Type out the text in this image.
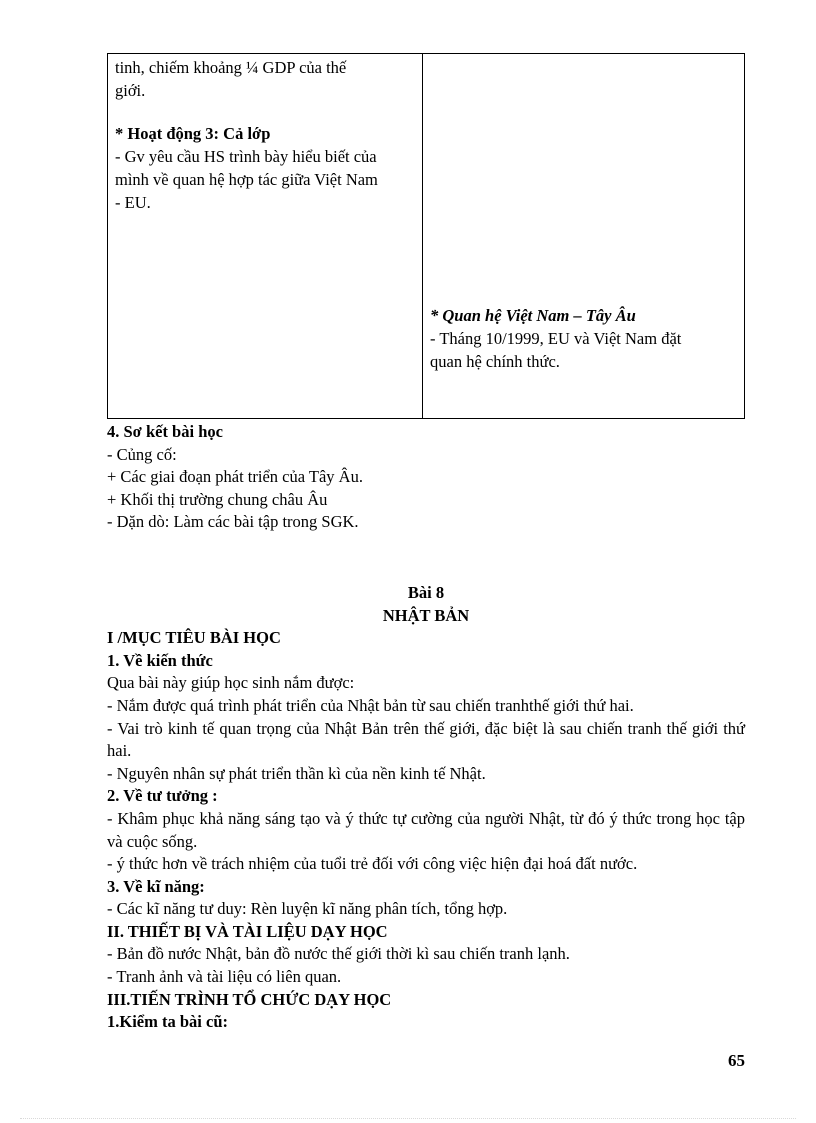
tinh, chiếm khoảng ¼ GDP của thế

giới.

* Hoạt động 3: Cả lớp

- Gv yêu cầu HS trình bày hiểu biết của

mình về quan hệ hợp tác giữa Việt Nam

- EU.

* Quan hệ Việt Nam – Tây Âu

- Tháng 10/1999, EU và Việt Nam đặt

quan hệ chính thức.

4. Sơ kết bài học

- Củng cố:

+ Các giai đoạn phát triển của Tây Âu.

+ Khối thị trường chung châu Âu

- Dặn dò: Làm các bài tập trong SGK.

Bài 8

NHẬT BẢN

I /MỤC TIÊU BÀI HỌC

1. Về kiến thức

Qua bài này giúp học sinh nắm được:

- Nắm được quá trình phát triển của Nhật bản từ sau chiến tranhthế giới thứ hai.

- Vai trò kinh tế quan trọng của Nhật Bản trên thế giới, đặc biệt là sau chiến tranh thế giới thứ hai.

- Nguyên nhân sự phát triển thần kì của nền kinh tế Nhật.

2. Về tư tưởng :

- Khâm phục khả năng sáng tạo và ý thức tự cường của người Nhật, từ đó ý thức trong học tập và cuộc sống.

- ý thức hơn về trách nhiệm của tuổi trẻ đối với công việc hiện đại hoá đất nước.

3. Về kĩ năng:

- Các kĩ năng tư duy: Rèn luyện kĩ năng phân tích, tổng hợp.

II. THIẾT BỊ VÀ TÀI LIỆU DẠY HỌC

- Bản đồ nước Nhật, bản đồ nước thế giới thời kì sau chiến tranh lạnh.

- Tranh ảnh và tài liệu có liên quan.

III.TIẾN TRÌNH TỔ CHỨC DẠY HỌC

1.Kiểm ta bài cũ:

65
